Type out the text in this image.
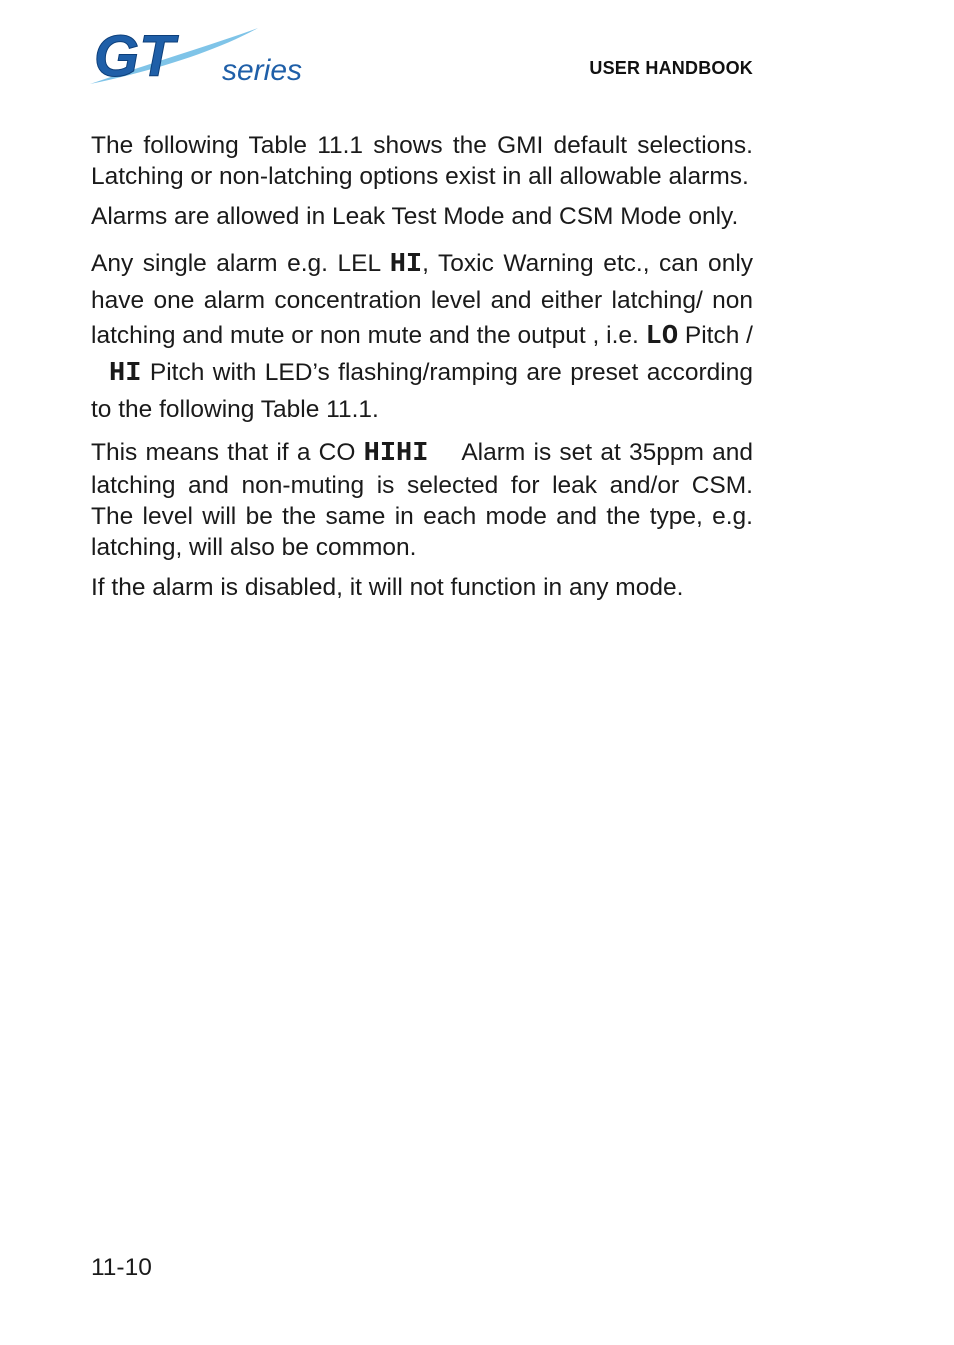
GT series	USER HANDBOOK

The following Table 11.1 shows the GMI default selections. Latching or non-latching options exist in all allowable alarms.

Alarms are allowed in Leak Test Mode and CSM Mode only.

Any single alarm e.g. LEL HI, Toxic Warning etc., can only have one alarm concentration level and either latching/ non latching and mute or non mute and the output , i.e. LO Pitch / HI Pitch with LED’s flashing/ramping are preset according to the following Table 11.1.

This means that if a CO HIHI Alarm is set at 35ppm and latching and non-muting is selected for leak and/or CSM. The level will be the same in each mode and the type, e.g. latching, will also be common.

If the alarm is disabled, it will not function in any mode.

11-10
